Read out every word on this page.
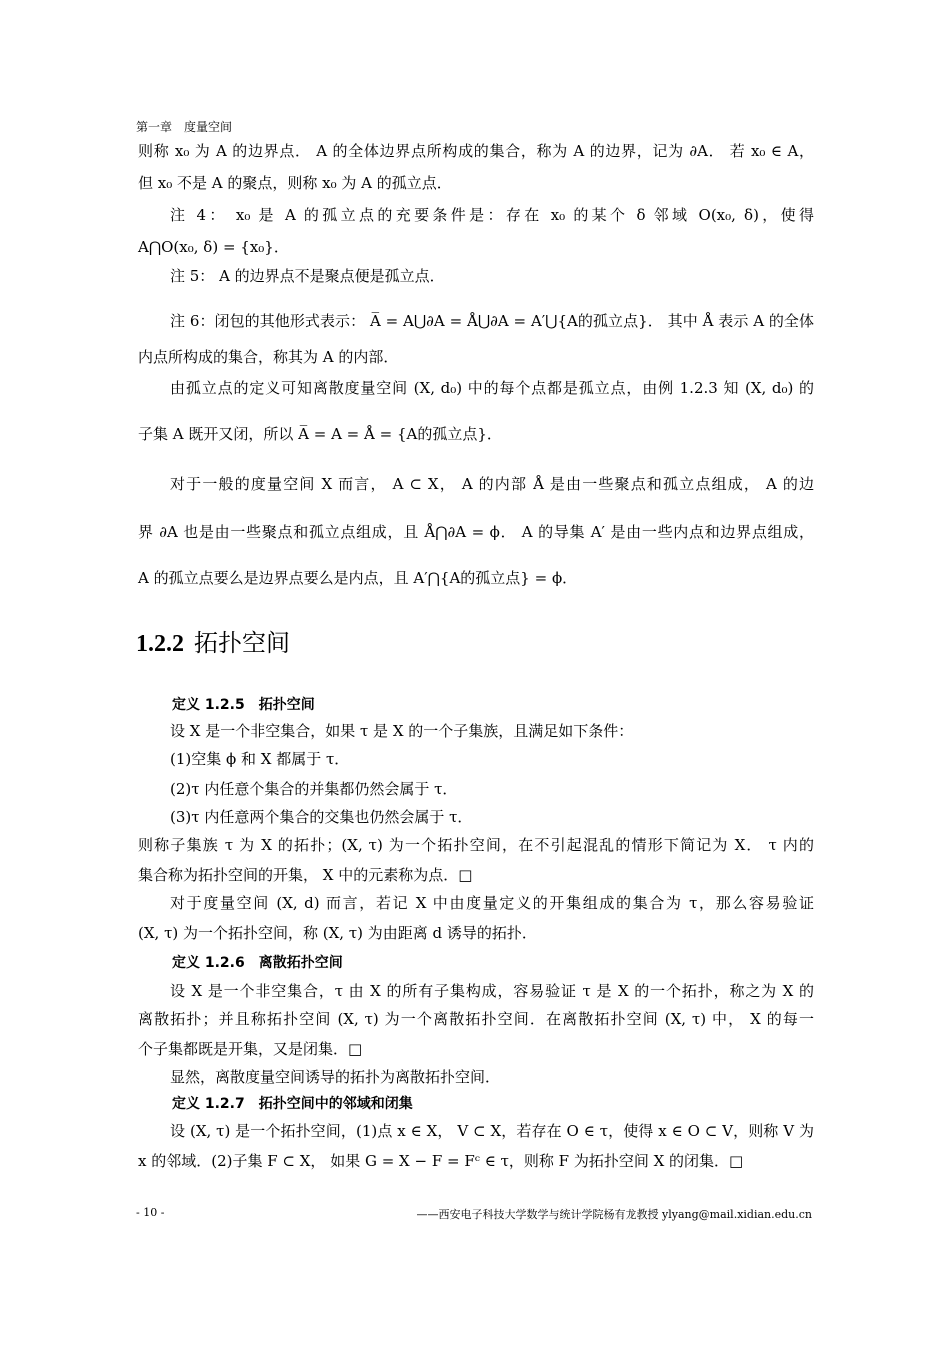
第一章　度量空间
则称 x₀ 为 A 的边界点． A 的全体边界点所构成的集合，称为 A 的边界，记为 ∂A． 若 x₀ ∈ A，
但 x₀ 不是 A 的聚点，则称 x₀ 为 A 的孤立点．
注 4： x₀ 是 A 的孤立点的充要条件是：存在 x₀ 的某个 δ 邻域 O(x₀, δ)，使得
A⋂O(x₀, δ) = {x₀}．
注 5： A 的边界点不是聚点便是孤立点．
注 6：闭包的其他形式表示： A̅ = A⋃∂A = Å⋃∂A = A′⋃{A的孤立点}． 其中 Å 表示 A 的全体
内点所构成的集合，称其为 A 的内部．
由孤立点的定义可知离散度量空间 (X, d₀) 中的每个点都是孤立点，由例 1.2.3 知 (X, d₀) 的
子集 A 既开又闭，所以 A̅ = A = Å = {A的孤立点}．
对于一般的度量空间 X 而言， A ⊂ X， A 的内部 Å 是由一些聚点和孤立点组成， A 的边
界 ∂A 也是由一些聚点和孤立点组成，且 Å⋂∂A = ϕ． A 的导集 A′ 是由一些内点和边界点组成，
A 的孤立点要么是边界点要么是内点，且 A′⋂{A的孤立点} = ϕ．
1.2.2 拓扑空间
定义 1.2.5　拓扑空间
设 X 是一个非空集合，如果 τ 是 X 的一个子集族，且满足如下条件：
(1)空集 ϕ 和 X 都属于 τ．
(2)τ 内任意个集合的并集都仍然会属于 τ．
(3)τ 内任意两个集合的交集也仍然会属于 τ．
则称子集族 τ 为 X 的拓扑；(X, τ) 为一个拓扑空间，在不引起混乱的情形下简记为 X． τ 内的
集合称为拓扑空间的开集， X 中的元素称为点．□
对于度量空间 (X, d) 而言，若记 X 中由度量定义的开集组成的集合为 τ，那么容易验证
(X, τ) 为一个拓扑空间，称 (X, τ) 为由距离 d 诱导的拓扑．
定义 1.2.6　离散拓扑空间
设 X 是一个非空集合，τ 由 X 的所有子集构成，容易验证 τ 是 X 的一个拓扑，称之为 X 的
离散拓扑；并且称拓扑空间 (X, τ) 为一个离散拓扑空间．在离散拓扑空间 (X, τ) 中， X 的每一
个子集都既是开集，又是闭集．□
显然，离散度量空间诱导的拓扑为离散拓扑空间．
定义 1.2.7　拓扑空间中的邻域和闭集
设 (X, τ) 是一个拓扑空间，(1)点 x ∈ X， V ⊂ X，若存在 O ∈ τ，使得 x ∈ O ⊂ V，则称 V 为
x 的邻域．(2)子集 F ⊂ X， 如果 G = X − F = Fᶜ ∈ τ，则称 F 为拓扑空间 X 的闭集．□
- 10 -	——西安电子科技大学数学与统计学院杨有龙教授 ylyang@mail.xidian.edu.cn
